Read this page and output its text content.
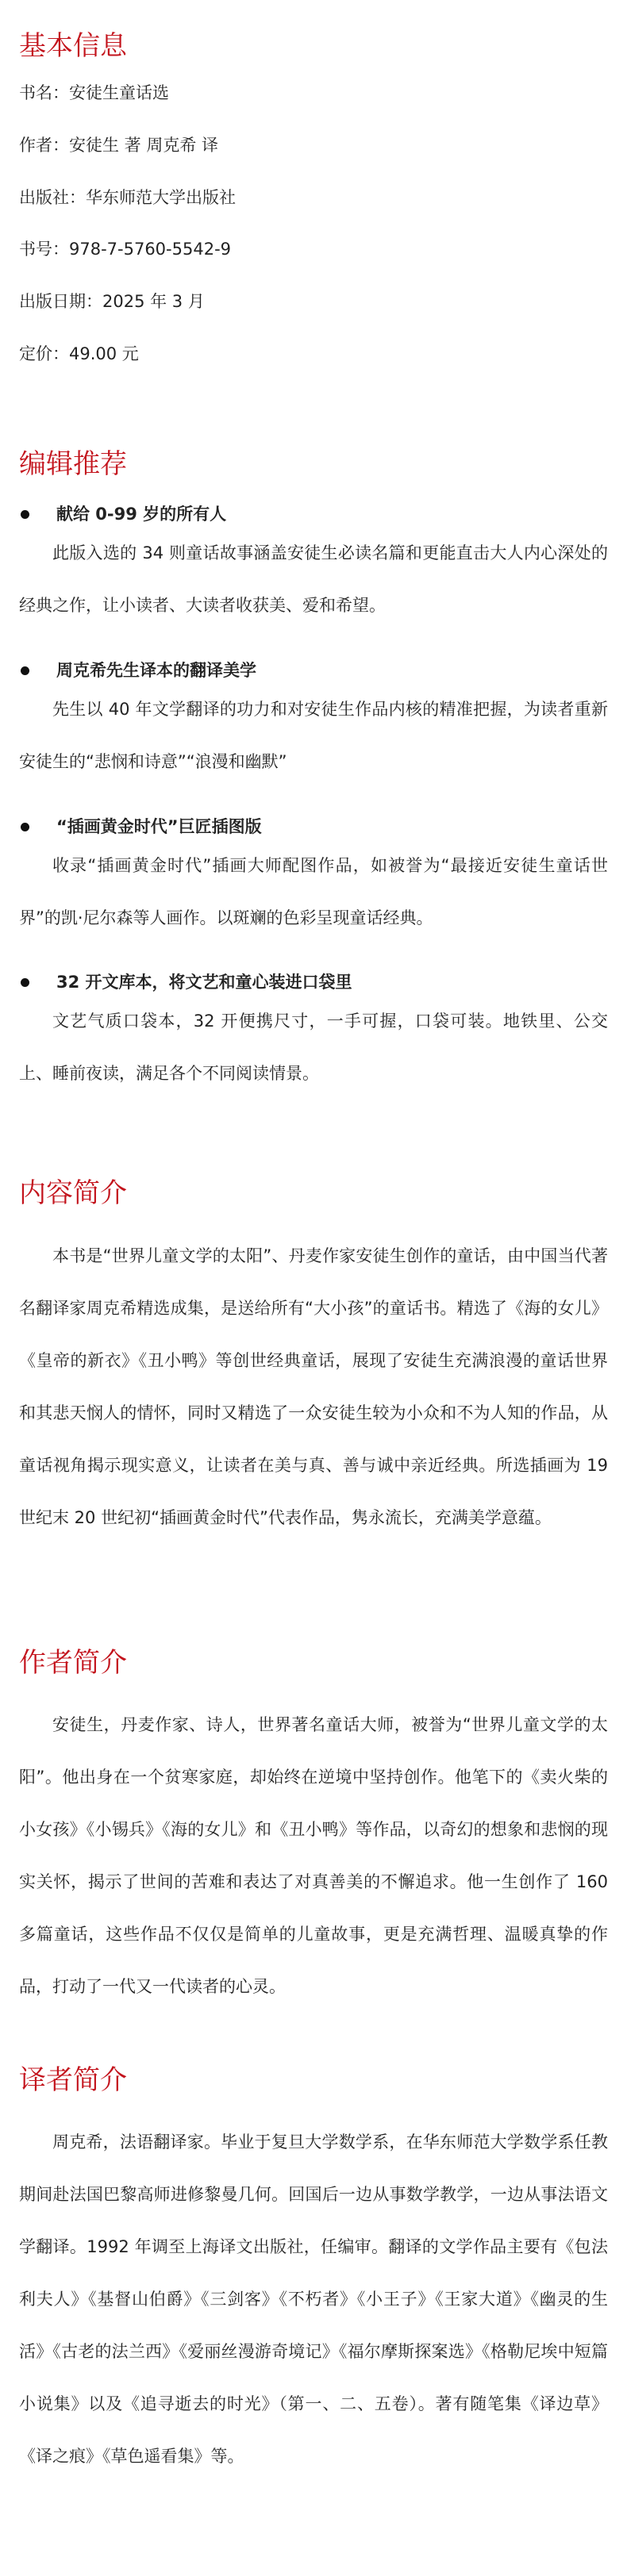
基本信息

书名：安徒生童话选

作者：安徒生 著 周克希 译

出版社：华东师范大学出版社

书号：978-7-5760-5542-9

出版日期：2025 年 3 月

定价：49.00 元

编辑推荐
献给 0-99 岁的所有人

此版入选的 34 则童话故事涵盖安徒生必读名篇和更能直击大人内心深处的经典之作，让小读者、大读者收获美、爱和希望。

周克希先生译本的翻译美学

先生以 40 年文学翻译的功力和对安徒生作品内核的精准把握，为读者重新安徒生的“悲悯和诗意”“浪漫和幽默”

“插画黄金时代”巨匠插图版

收录“插画黄金时代”插画大师配图作品，如被誉为“最接近安徒生童话世界”的凯·尼尔森等人画作。以斑斓的色彩呈现童话经典。

32 开文库本，将文艺和童心装进口袋里

文艺气质口袋本，32 开便携尺寸，一手可握，口袋可装。地铁里、公交上、睡前夜读，满足各个不同阅读情景。

内容简介

本书是“世界儿童文学的太阳”、丹麦作家安徒生创作的童话，由中国当代著名翻译家周克希精选成集，是送给所有“大小孩”的童话书。精选了《海的女儿》《皇帝的新衣》《丑小鸭》等创世经典童话，展现了安徒生充满浪漫的童话世界和其悲天悯人的情怀，同时又精选了一众安徒生较为小众和不为人知的作品，从童话视角揭示现实意义，让读者在美与真、善与诚中亲近经典。所选插画为 19 世纪末 20 世纪初“插画黄金时代”代表作品，隽永流长，充满美学意蕴。

作者简介

安徒生，丹麦作家、诗人，世界著名童话大师，被誉为“世界儿童文学的太阳”。他出身在一个贫寒家庭，却始终在逆境中坚持创作。他笔下的《卖火柴的小女孩》《小锡兵》《海的女儿》和《丑小鸭》等作品，以奇幻的想象和悲悯的现实关怀，揭示了世间的苦难和表达了对真善美的不懈追求。他一生创作了 160 多篇童话，这些作品不仅仅是简单的儿童故事，更是充满哲理、温暖真挚的作品，打动了一代又一代读者的心灵。

译者简介

周克希，法语翻译家。毕业于复旦大学数学系，在华东师范大学数学系任教期间赴法国巴黎高师进修黎曼几何。回国后一边从事数学教学，一边从事法语文学翻译。1992 年调至上海译文出版社，任编审。翻译的文学作品主要有《包法利夫人》《基督山伯爵》《三剑客》《不朽者》《小王子》《王家大道》《幽灵的生活》《古老的法兰西》《爱丽丝漫游奇境记》《福尔摩斯探案选》《格勒尼埃中短篇小说集》以及《追寻逝去的时光》（第一、二、五卷）。著有随笔集《译边草》《译之痕》《草色遥看集》等。
